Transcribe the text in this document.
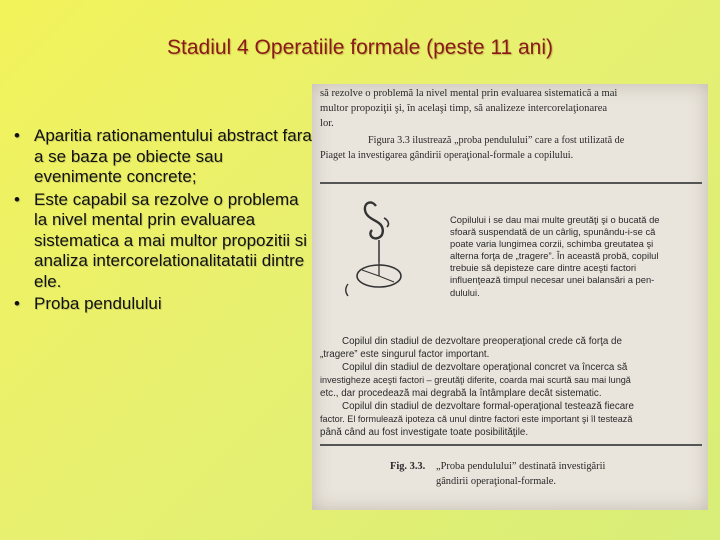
Stadiul 4 Operatiile formale (peste 11 ani)
• Aparitia rationamentului abstract fara a se baza pe obiecte sau evenimente concrete;
• Este capabil sa rezolve o problema la nivel mental prin evaluarea sistematica a mai multor propozitii si analiza intercorelationalitatatii dintre ele.
• Proba pendulului
să rezolve o problemă la nivel mental prin evaluarea sistematică a mai
multor propoziţii şi, în acelaşi timp, să analizeze intercorelaţionarea
lor.
Figura 3.3 ilustrează „proba pendulului” care a fost utilizată de
Piaget la investigarea gândirii operaţional-formale a copilului.
Copilului i se dau mai multe greutăţi şi o bucată de
sfoară suspendată de un cârlig, spunându-i-se că
poate varia lungimea corzii, schimba greutatea şi
alterna forţa de „tragere”. În această probă, copilul
trebuie să depisteze care dintre aceşti factori
influenţează timpul necesar unei balansări a pen-
dulului.
Copilul din stadiul de dezvoltare preoperaţional crede că forţa de
„tragere” este singurul factor important.
Copilul din stadiul de dezvoltare operaţional concret va încerca să
investigheze aceşti factori – greutăţi diferite, coarda mai scurtă sau mai lungă
etc., dar procedează mai degrabă la întâmplare decât sistematic.
Copilul din stadiul de dezvoltare formal-operaţional testează fiecare
factor. El formulează ipoteza că unul dintre factori este important şi îl testează
până când au fost investigate toate posibilităţile.
Fig. 3.3. „Proba pendulului” destinată investigării
gândirii operaţional-formale.
